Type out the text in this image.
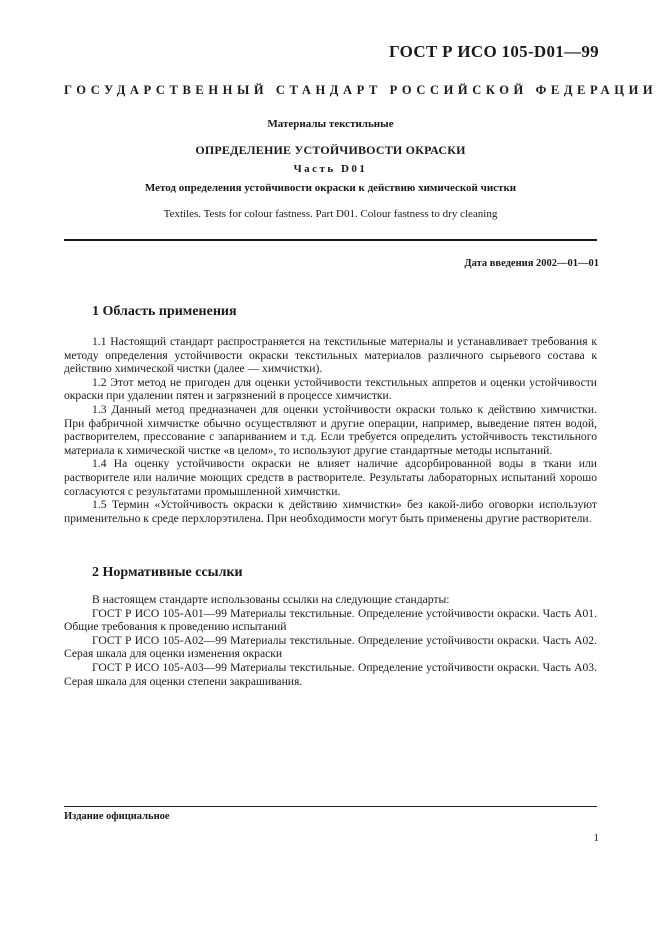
ГОСТ Р ИСО 105-D01—99
ГОСУДАРСТВЕННЫЙ СТАНДАРТ РОССИЙСКОЙ ФЕДЕРАЦИИ
Материалы текстильные
ОПРЕДЕЛЕНИЕ УСТОЙЧИВОСТИ ОКРАСКИ
Часть D01
Метод определения устойчивости окраски к действию химической чистки
Textiles. Tests for colour fastness. Part D01. Colour fastness to dry cleaning
Дата введения 2002—01—01
1 Область применения

1.1 Настоящий стандарт распространяется на текстильные материалы и устанавливает требования к методу определения устойчивости окраски текстильных материалов различного сырьевого состава к действию химической чистки (далее — химчистки).

1.2 Этот метод не пригоден для оценки устойчивости текстильных аппретов и оценки устойчивости окраски при удалении пятен и загрязнений в процессе химчистки.

1.3 Данный метод предназначен для оценки устойчивости окраски только к действию химчистки. При фабричной химчистке обычно осуществляют и другие операции, например, выведение пятен водой, растворителем, прессование с запариванием и т.д. Если требуется определить устойчивость текстильного материала к химической чистке «в целом», то используют другие стандартные методы испытаний.

1.4 На оценку устойчивости окраски не влияет наличие адсорбированной воды в ткани или растворителе или наличие моющих средств в растворителе. Результаты лабораторных испытаний хорошо согласуются с результатами промышленной химчистки.

1.5 Термин «Устойчивость окраски к действию химчистки» без какой-либо оговорки используют применительно к среде перхлорэтилена. При необходимости могут быть применены другие растворители.

2 Нормативные ссылки

В настоящем стандарте использованы ссылки на следующие стандарты:

ГОСТ Р ИСО 105-А01—99 Материалы текстильные. Определение устойчивости окраски. Часть А01. Общие требования к проведению испытаний

ГОСТ Р ИСО 105-А02—99 Материалы текстильные. Определение устойчивости окраски. Часть А02. Серая шкала для оценки изменения окраски

ГОСТ Р ИСО 105-А03—99 Материалы текстильные. Определение устойчивости окраски. Часть А03. Серая шкала для оценки степени закрашивания.

Издание официальное
1
